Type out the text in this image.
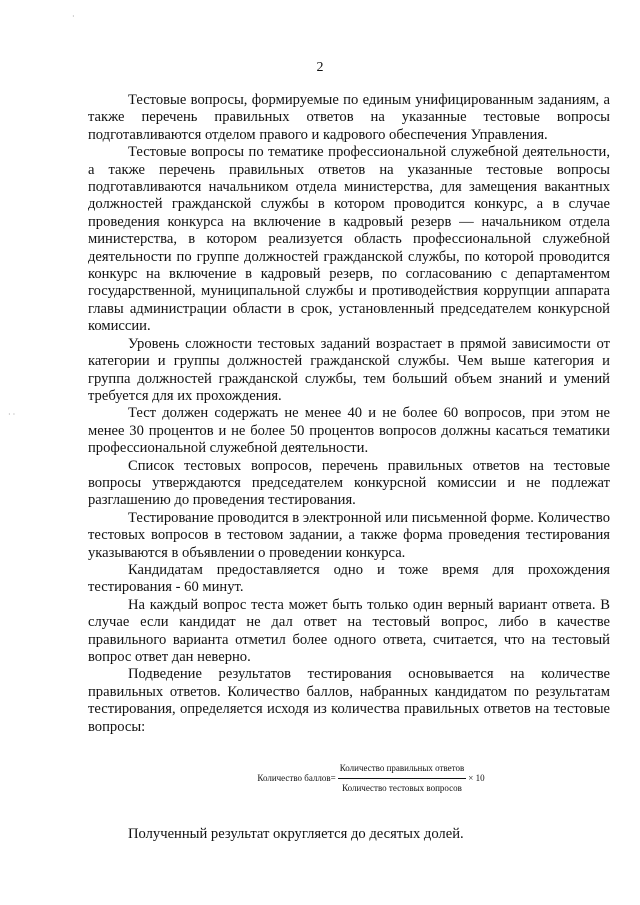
2

Тестовые вопросы, формируемые по единым унифицированным заданиям, а также перечень правильных ответов на указанные тестовые вопросы подготавливаются отделом правого и кадрового обеспечения Управления.

Тестовые вопросы по тематике профессиональной служебной деятельности, а также перечень правильных ответов на указанные тестовые вопросы подготавливаются начальником отдела министерства, для замещения вакантных должностей гражданской службы в котором проводится конкурс, а в случае проведения конкурса на включение в кадровый резерв — начальником отдела министерства, в котором реализуется область профессиональной служебной деятельности по группе должностей гражданской службы, по которой проводится конкурс на включение в кадровый резерв, по согласованию с департаментом государственной, муниципальной службы и противодействия коррупции аппарата главы администрации области в срок, установленный председателем конкурсной комиссии.

Уровень сложности тестовых заданий возрастает в прямой зависимости от категории и группы должностей гражданской службы. Чем выше категория и группа должностей гражданской службы, тем больший объем знаний и умений требуется для их прохождения.

Тест должен содержать не менее 40 и не более 60 вопросов, при этом не менее 30 процентов и не более 50 процентов вопросов должны касаться тематики профессиональной служебной деятельности.

Список тестовых вопросов, перечень правильных ответов на тестовые вопросы утверждаются председателем конкурсной комиссии и не подлежат разглашению до проведения тестирования.

Тестирование проводится в электронной или письменной форме. Количество тестовых вопросов в тестовом задании, а также форма проведения тестирования указываются в объявлении о проведении конкурса.

Кандидатам предоставляется одно и тоже время для прохождения тестирования - 60 минут.

На каждый вопрос теста может быть только один верный вариант ответа. В случае если кандидат не дал ответ на тестовый вопрос, либо в качестве правильного варианта отметил более одного ответа, считается, что на тестовый вопрос ответ дан неверно.

Подведение результатов тестирования основывается на количестве правильных ответов. Количество баллов, набранных кандидатом по результатам тестирования, определяется исходя из количества правильных ответов на тестовые вопросы:

Количество баллов = $\frac{\text{Количество правильных ответов}}{\text{Количество тестовых вопросов}} \times 10$

Полученный результат округляется до десятых долей.

· ·
·
